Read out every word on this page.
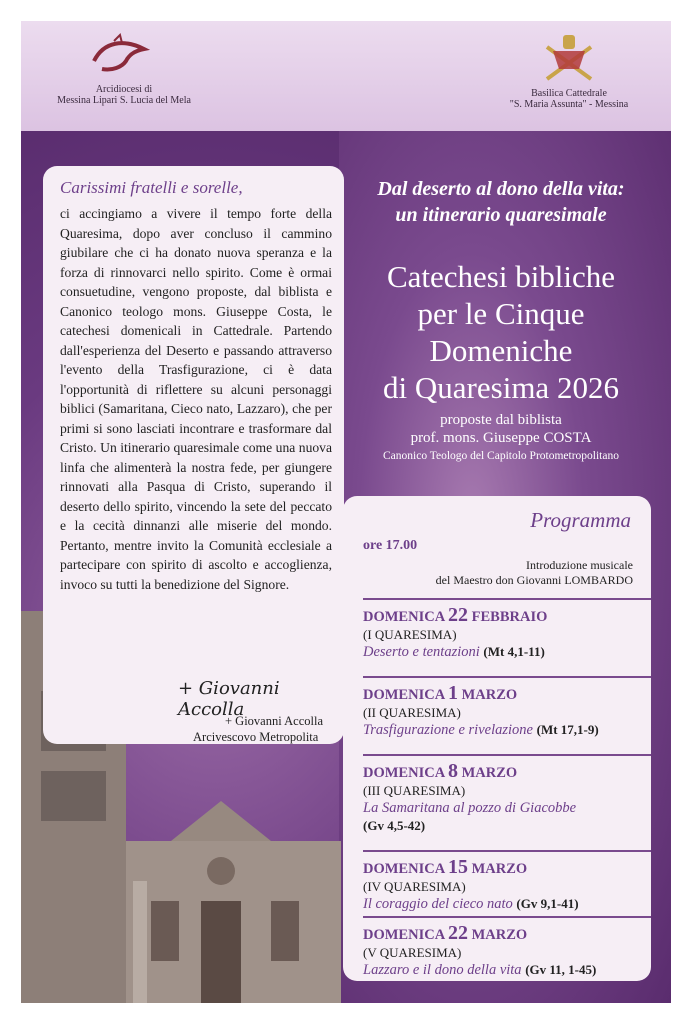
Arcidiocesi di
Messina Lipari S. Lucia del Mela
Basilica Cattedrale
"S. Maria Assunta" - Messina
Carissimi fratelli e sorelle,
ci accingiamo a vivere il tempo forte della Quaresima, dopo aver concluso il cammino giubilare che ci ha donato nuova speranza e la forza di rinnovarci nello spirito. Come è ormai consuetudine, vengono proposte, dal biblista e Canonico teologo mons. Giuseppe Costa, le catechesi domenicali in Cattedrale. Partendo dall'esperienza del Deserto e passando attraverso l'evento della Trasfigurazione, ci è data l'opportunità di riflettere su alcuni personaggi biblici (Samaritana, Cieco nato, Lazzaro), che per primi si sono lasciati incontrare e trasformare dal Cristo. Un itinerario quaresimale come una nuova linfa che alimenterà la nostra fede, per giungere rinnovati alla Pasqua di Cristo, superando il deserto dello spirito, vincendo la sete del peccato e la cecità dinnanzi alle miserie del mondo. Pertanto, mentre invito la Comunità ecclesiale a partecipare con spirito di ascolto e accoglienza, invoco su tutti la benedizione del Signore.
+ Giovanni Accolla
+ Giovanni Accolla
Arcivescovo Metropolita
Dal deserto al dono della vita:
un itinerario quaresimale
Catechesi bibliche
per le Cinque Domeniche
di Quaresima 2026
proposte dal biblista
prof. mons. Giuseppe COSTA
Canonico Teologo del Capitolo Protometropolitano
Programma
ore 17.00
Introduzione musicale
del Maestro don Giovanni LOMBARDO
DOMENICA 22 FEBBRAIO
(I QUARESIMA)
Deserto e tentazioni (Mt 4,1-11)
DOMENICA 1 MARZO
(II QUARESIMA)
Trasfigurazione e rivelazione (Mt 17,1-9)
DOMENICA 8 MARZO
(III QUARESIMA)
La Samaritana al pozzo di Giacobbe
(Gv 4,5-42)
DOMENICA 15 MARZO
(IV QUARESIMA)
Il coraggio del cieco nato (Gv 9,1-41)
DOMENICA 22 MARZO
(V QUARESIMA)
Lazzaro e il dono della vita (Gv 11, 1-45)
